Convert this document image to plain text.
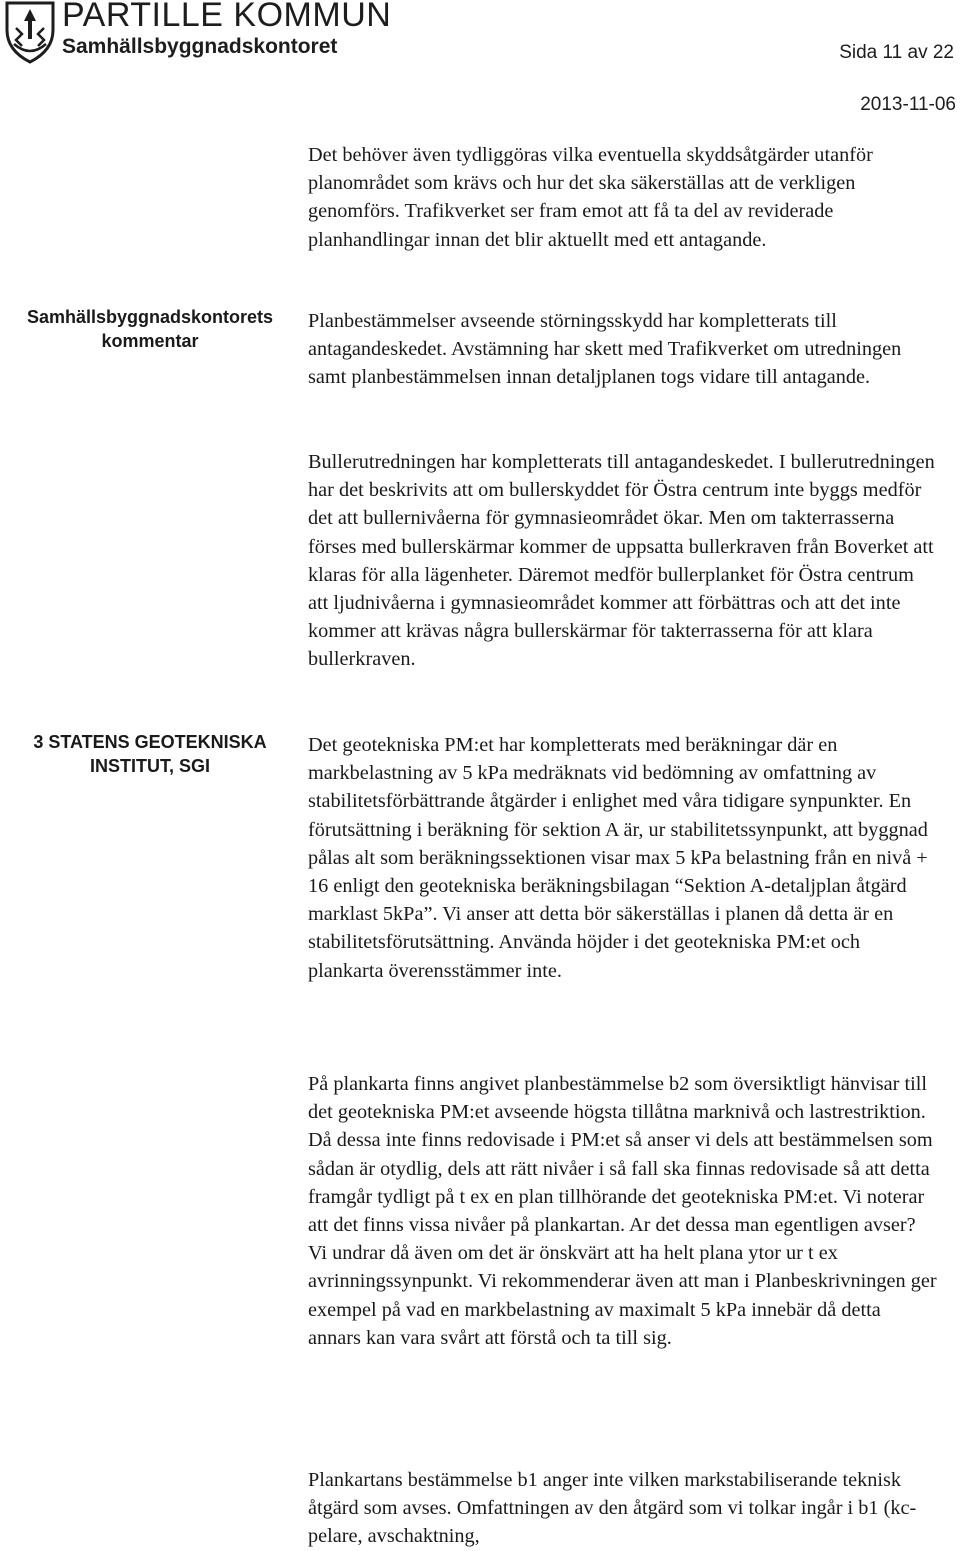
PARTILLE KOMMUN
Samhällsbyggnadskontoret	Sida 11 av 22
2013-11-06
Samhällsbyggnadskontorets kommentar
3 STATENS GEOTEKNISKA INSTITUT, SGI

Det behöver även tydliggöras vilka eventuella skyddsåtgärder utanför planområdet som krävs och hur det ska säkerställas att de verkligen genomförs. Trafikverket ser fram emot att få ta del av reviderade planhandlingar innan det blir aktuellt med ett antagande.

Planbestämmelser avseende störningsskydd har kompletterats till antagandeskedet. Avstämning har skett med Trafikverket om utredningen samt planbestämmelsen innan detaljplanen togs vidare till antagande.

Bullerutredningen har kompletterats till antagandeskedet. I bullerutredningen har det beskrivits att om bullerskyddet för Östra centrum inte byggs medför det att bullernivåerna för gymnasieområdet ökar. Men om takterrasserna förses med bullerskärmar kommer de uppsatta bullerkraven från Boverket att klaras för alla lägenheter. Däremot medför bullerplanket för Östra centrum att ljudnivåerna i gymnasieområdet kommer att förbättras och att det inte kommer att krävas några bullerskärmar för takterrasserna för att klara bullerkraven.

Det geotekniska PM:et har kompletterats med beräkningar där en markbelastning av 5 kPa medräknats vid bedömning av omfattning av stabilitetsförbättrande åtgärder i enlighet med våra tidigare synpunkter. En förutsättning i beräkning för sektion A är, ur stabilitetssynpunkt, att byggnad pålas alt som beräkningssektionen visar max 5 kPa belastning från en nivå + 16 enligt den geotekniska beräkningsbilagan “Sektion A-detaljplan åtgärd marklast 5kPa”. Vi anser att detta bör säkerställas i planen då detta är en stabilitetsförutsättning. Använda höjder i det geotekniska PM:et och plankarta överensstämmer inte.

På plankarta finns angivet planbestämmelse b2 som översiktligt hänvisar till det geotekniska PM:et avseende högsta tillåtna marknivå och lastrestriktion. Då dessa inte finns redovisade i PM:et så anser vi dels att bestämmelsen som sådan är otydlig, dels att rätt nivåer i så fall ska finnas redovisade så att detta framgår tydligt på t ex en plan tillhörande det geotekniska PM:et. Vi noterar att det finns vissa nivåer på plankartan. Ar det dessa man egentligen avser? Vi undrar då även om det är önskvärt att ha helt plana ytor ur t ex avrinningssynpunkt. Vi rekommenderar även att man i Planbeskrivningen ger exempel på vad en markbelastning av maximalt 5 kPa innebär då detta annars kan vara svårt att förstå och ta till sig.

Plankartans bestämmelse b1 anger inte vilken markstabiliserande teknisk åtgärd som avses. Omfattningen av den åtgärd som vi tolkar ingår i b1 (kc-pelare, avschaktning,
